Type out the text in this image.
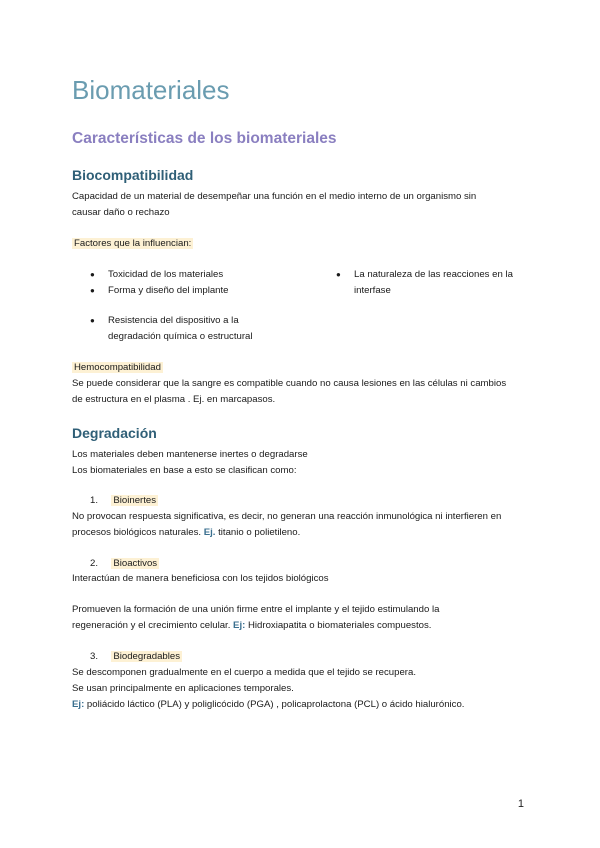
Biomateriales
Características de los biomateriales
Biocompatibilidad

Capacidad de un material de desempeñar una función en el medio interno de un organismo sin

causar daño o rechazo

Factores que la influencian:
● Toxicidad de los materiales
● Forma y diseño del implante
● Resistencia del dispositivo a la
degradación química o estructural
● La naturaleza de las reacciones en la
interfase

Hemocompatibilidad

Se puede considerar que la sangre es compatible cuando no causa lesiones en las células ni cambios

de estructura en el plasma . Ej. en marcapasos.

Degradación

Los materiales deben mantenerse inertes o degradarse

Los biomateriales en base a esto se clasifican como:

1. Bioinertes

No provocan respuesta significativa, es decir, no generan una reacción inmunológica ni interfieren en

procesos biológicos naturales. Ej. titanio o polietileno.

2. Bioactivos

Interactúan de manera beneficiosa con los tejidos biológicos

Promueven la formación de una unión firme entre el implante y el tejido estimulando la

regeneración y el crecimiento celular. Ej: Hidroxiapatita o biomateriales compuestos.

3. Biodegradables

Se descomponen gradualmente en el cuerpo a medida que el tejido se recupera.

Se usan principalmente en aplicaciones temporales.

Ej: poliácido láctico (PLA) y poliglicócido (PGA) , policaprolactona (PCL) o ácido hialurónico.

1
